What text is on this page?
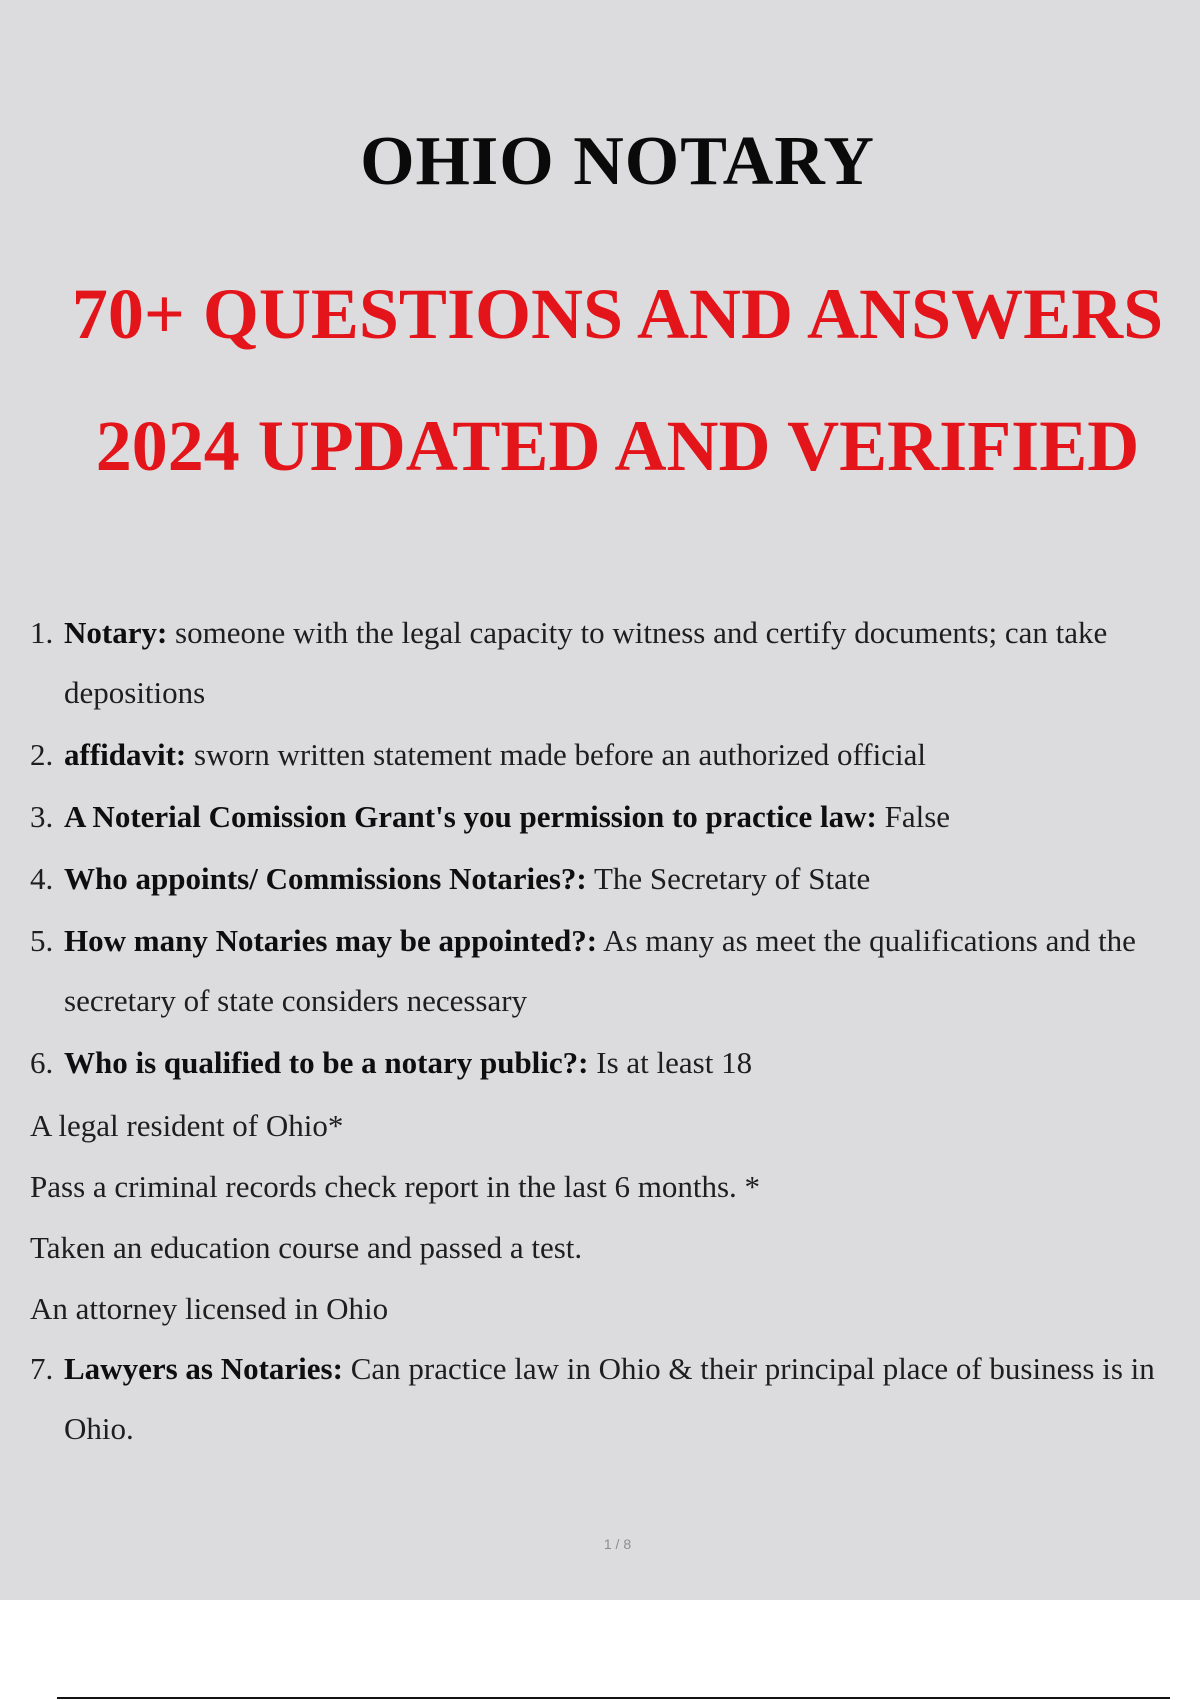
OHIO NOTARY
70+ QUESTIONS AND ANSWERS
2024 UPDATED AND VERIFIED
1. Notary: someone with the legal capacity to witness and certify documents; can take depositions
2. affidavit: sworn written statement made before an authorized official
3. A Noterial Comission Grant's you permission to practice law: False
4. Who appoints/ Commissions Notaries?: The Secretary of State
5. How many Notaries may be appointed?: As many as meet the qualifications and the secretary of state considers necessary
6. Who is qualified to be a notary public?: Is at least 18

A legal resident of Ohio*

Pass a criminal records check report in the last 6 months. *

Taken an education course and passed a test.

An attorney licensed in Ohio

7. Lawyers as Notaries: Can practice law in Ohio & their principal place of business is in Ohio.
1 / 8
